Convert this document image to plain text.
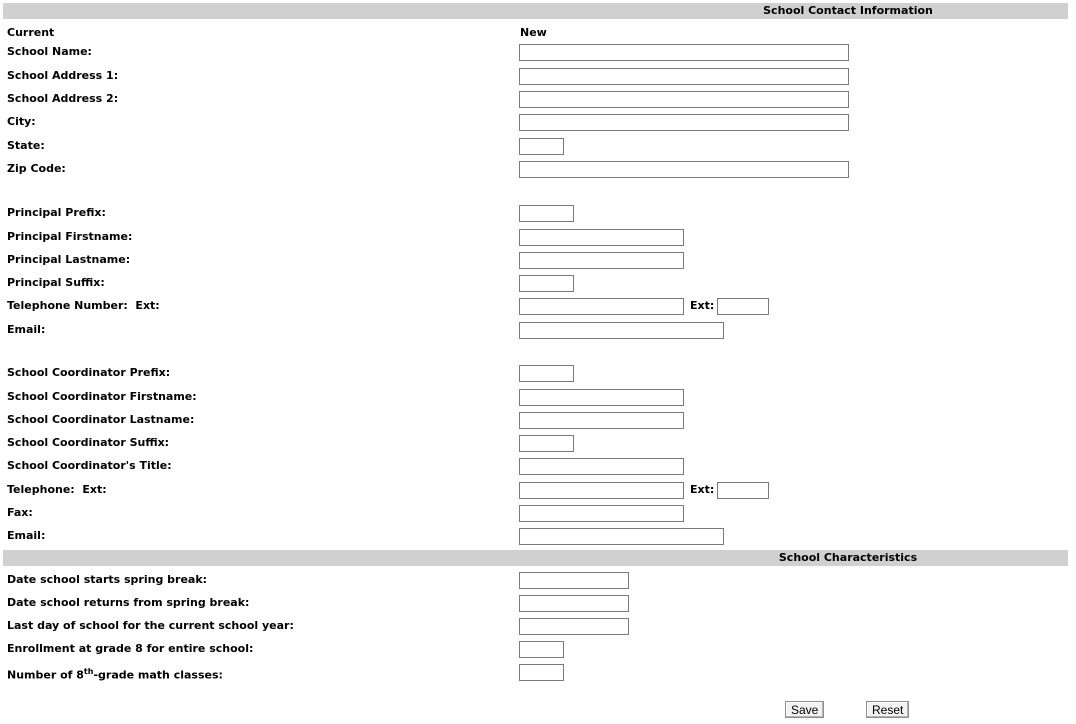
School Contact Information
Current	New
School Name:
School Address 1:
School Address 2:
City:
State:
Zip Code:
Principal Prefix:
Principal Firstname:
Principal Lastname:
Principal Suffix:
Telephone Number:  Ext:	Ext:
Email:
School Coordinator Prefix:
School Coordinator Firstname:
School Coordinator Lastname:
School Coordinator Suffix:
School Coordinator's Title:
Telephone:  Ext:	Ext:
Fax:
Email:
School Characteristics
Date school starts spring break:
Date school returns from spring break:
Last day of school for the current school year:
Enrollment at grade 8 for entire school:
Number of 8th-grade math classes:
Save	Reset
